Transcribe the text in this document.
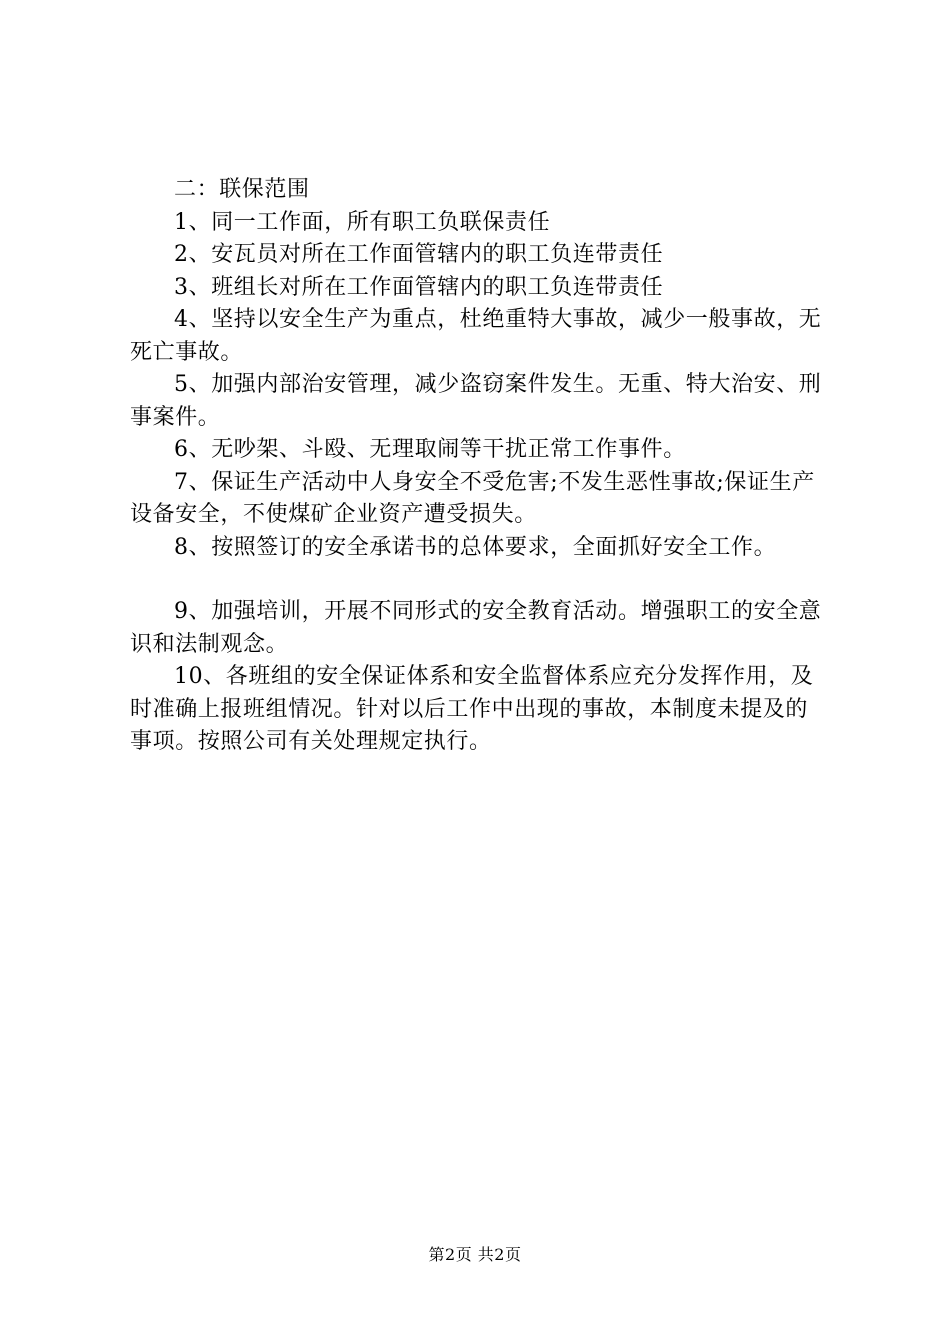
二：联保范围

1、同一工作面，所有职工负联保责任

2、安瓦员对所在工作面管辖内的职工负连带责任

3、班组长对所在工作面管辖内的职工负连带责任

4、坚持以安全生产为重点，杜绝重特大事故，减少一般事故，无死亡事故。

5、加强内部治安管理，减少盗窃案件发生。无重、特大治安、刑事案件。

6、无吵架、斗殴、无理取闹等干扰正常工作事件。

7、保证生产活动中人身安全不受危害;不发生恶性事故;保证生产设备安全，不使煤矿企业资产遭受损失。

8、按照签订的安全承诺书的总体要求，全面抓好安全工作。

9、加强培训，开展不同形式的安全教育活动。增强职工的安全意识和法制观念。

10、各班组的安全保证体系和安全监督体系应充分发挥作用，及时准确上报班组情况。针对以后工作中出现的事故，本制度未提及的事项。按照公司有关处理规定执行。

第2页 共2页
